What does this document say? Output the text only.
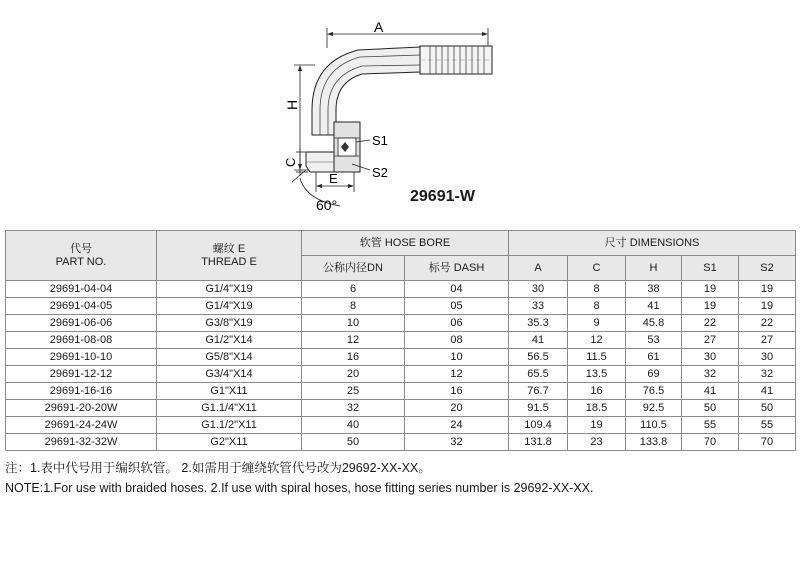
A
H
C
S1
S2
E
60°	29691-W
代号
PART NO.	螺纹 E
THREAD E	软管 HOSE BORE		尺寸 DIMENSIONS				
		公称内径DN	标号 DASH	A	C	H	S1	S2
29691-04-04	G1/4"X19	6	04	30	8	38	19	19
29691-04-05	G1/4"X19	8	05	33	8	41	19	19
29691-06-06	G3/8"X19	10	06	35.3	9	45.8	22	22
29691-08-08	G1/2"X14	12	08	41	12	53	27	27
29691-10-10	G5/8"X14	16	10	56.5	11.5	61	30	30
29691-12-12	G3/4"X14	20	12	65.5	13.5	69	32	32
29691-16-16	G1"X11	25	16	76.7	16	76.5	41	41
29691-20-20W	G1.1/4"X11	32	20	91.5	18.5	92.5	50	50
29691-24-24W	G1.1/2"X11	40	24	109.4	19	110.5	55	55
29691-32-32W	G2"X11	50	32	131.8	23	133.8	70	70
注：1.表中代号用于编织软管。 2.如需用于缠绕软管代号改为29692-XX-XX。
NOTE:1.For use with braided hoses. 2.If use with spiral hoses, hose fitting series number is 29692-XX-XX.
